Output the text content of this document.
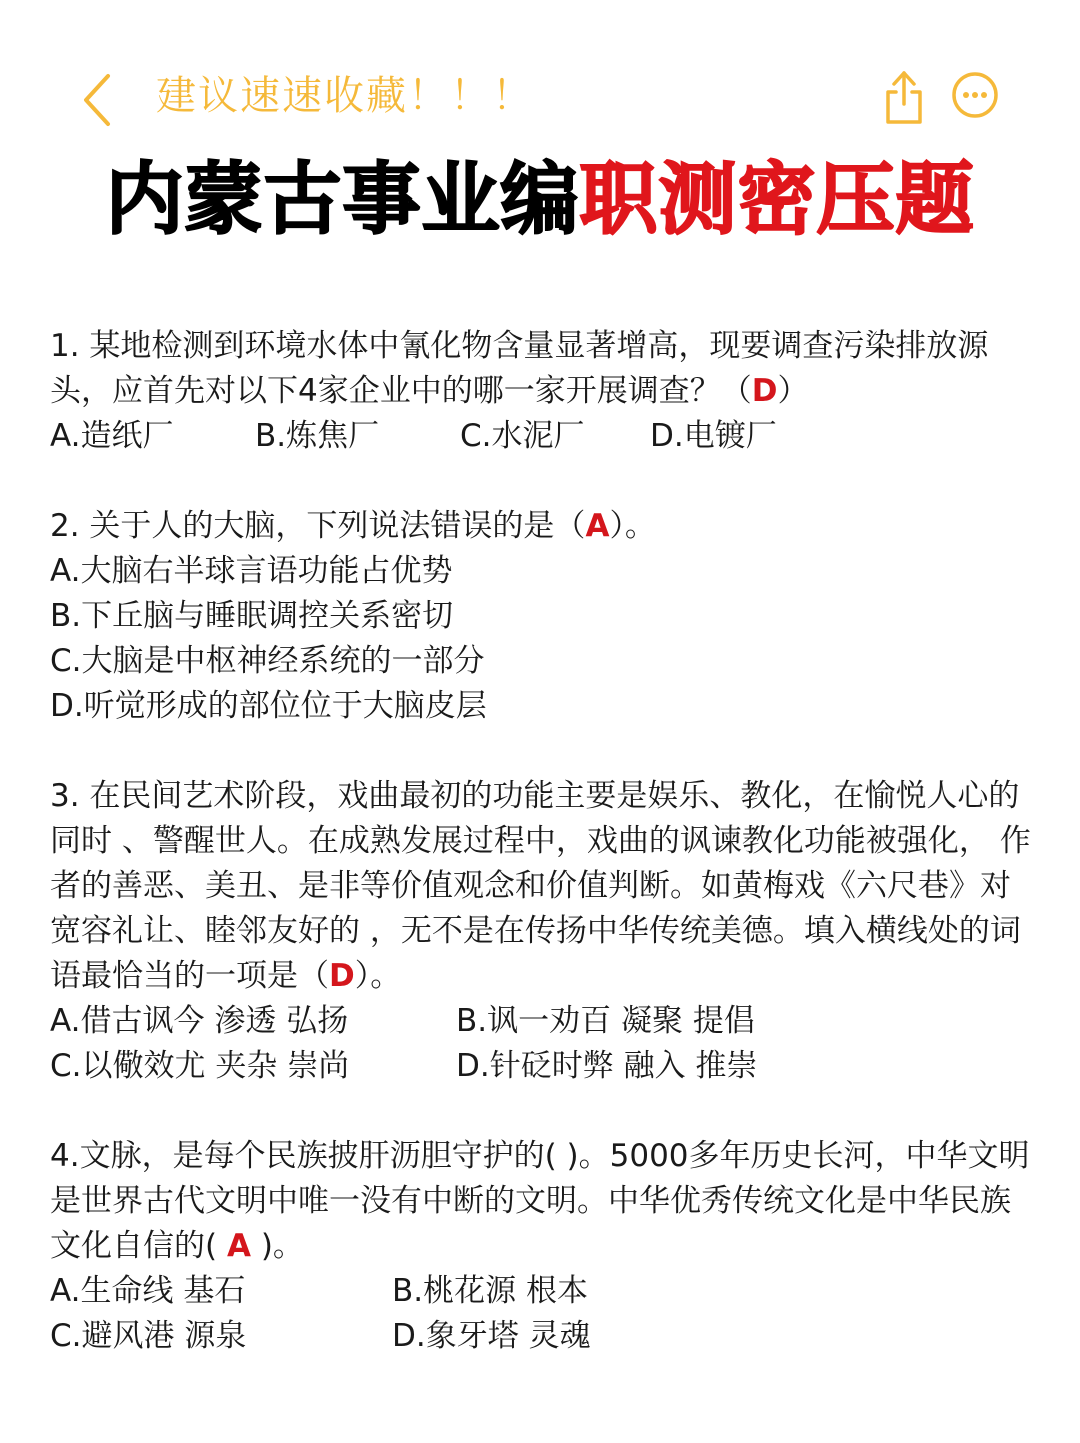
建议速速收藏！！！
内蒙古事业编职测密压题

1. 某地检测到环境水体中氰化物含量显著增高，现要调查污染排放源头，应首先对以下4家企业中的哪一家开展调查？（D）

A.造纸厂	B.炼焦厂	C.水泥厂	D.电镀厂

2. 关于人的大脑，下列说法错误的是（A）。

A.大脑右半球言语功能占优势

B.下丘脑与睡眠调控关系密切

C.大脑是中枢神经系统的一部分

D.听觉形成的部位位于大脑皮层

3. 在民间艺术阶段，戏曲最初的功能主要是娱乐、教化，在愉悦人心的同时 、警醒世人。在成熟发展过程中，戏曲的讽谏教化功能被强化， 作者的善恶、美丑、是非等价值观念和价值判断。如黄梅戏《六尺巷》对宽容礼让、睦邻友好的 ，无不是在传扬中华传统美德。填入横线处的词语最恰当的一项是（D）。

A.借古讽今 渗透 弘扬	B.讽一劝百 凝聚 提倡
C.以儆效尤 夹杂 崇尚	D.针砭时弊 融入 推崇

4.文脉，是每个民族披肝沥胆守护的( )。5000多年历史长河，中华文明是世界古代文明中唯一没有中断的文明。中华优秀传统文化是中华民族文化自信的( A )。

A.生命线 基石	B.桃花源 根本
C.避风港 源泉	D.象牙塔 灵魂
